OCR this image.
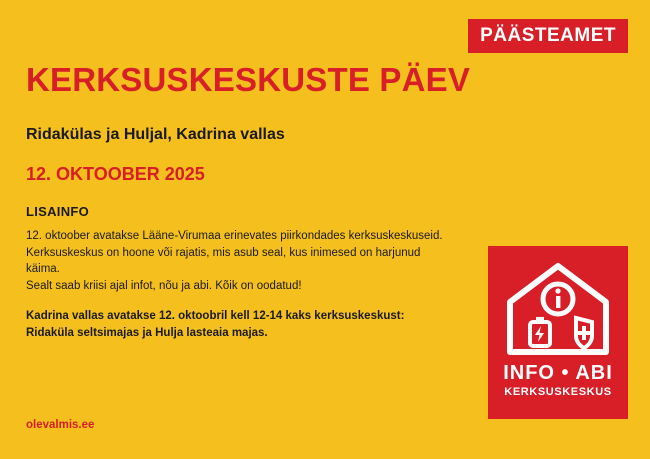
PÄÄSTEAMET
KERKSUSKESKUSTE PÄEV
Ridakülas ja Huljal, Kadrina vallas
12. OKTOOBER 2025
LISAINFO

12. oktoober avatakse Lääne-Virumaa erinevates piirkondades kerksuskeskuseid.

Kerksuskeskus on hoone või rajatis, mis asub seal, kus inimesed on harjunud käima.

Sealt saab kriisi ajal infot, nõu ja abi. Kõik on oodatud!

Kadrina vallas avatakse 12. oktoobril kell 12-14 kaks kerksuskeskust:

Ridaküla seltsimajas ja Hulja lasteaia majas.

olevalmis.ee
INFO • ABI
KERKSUSKESKUS
